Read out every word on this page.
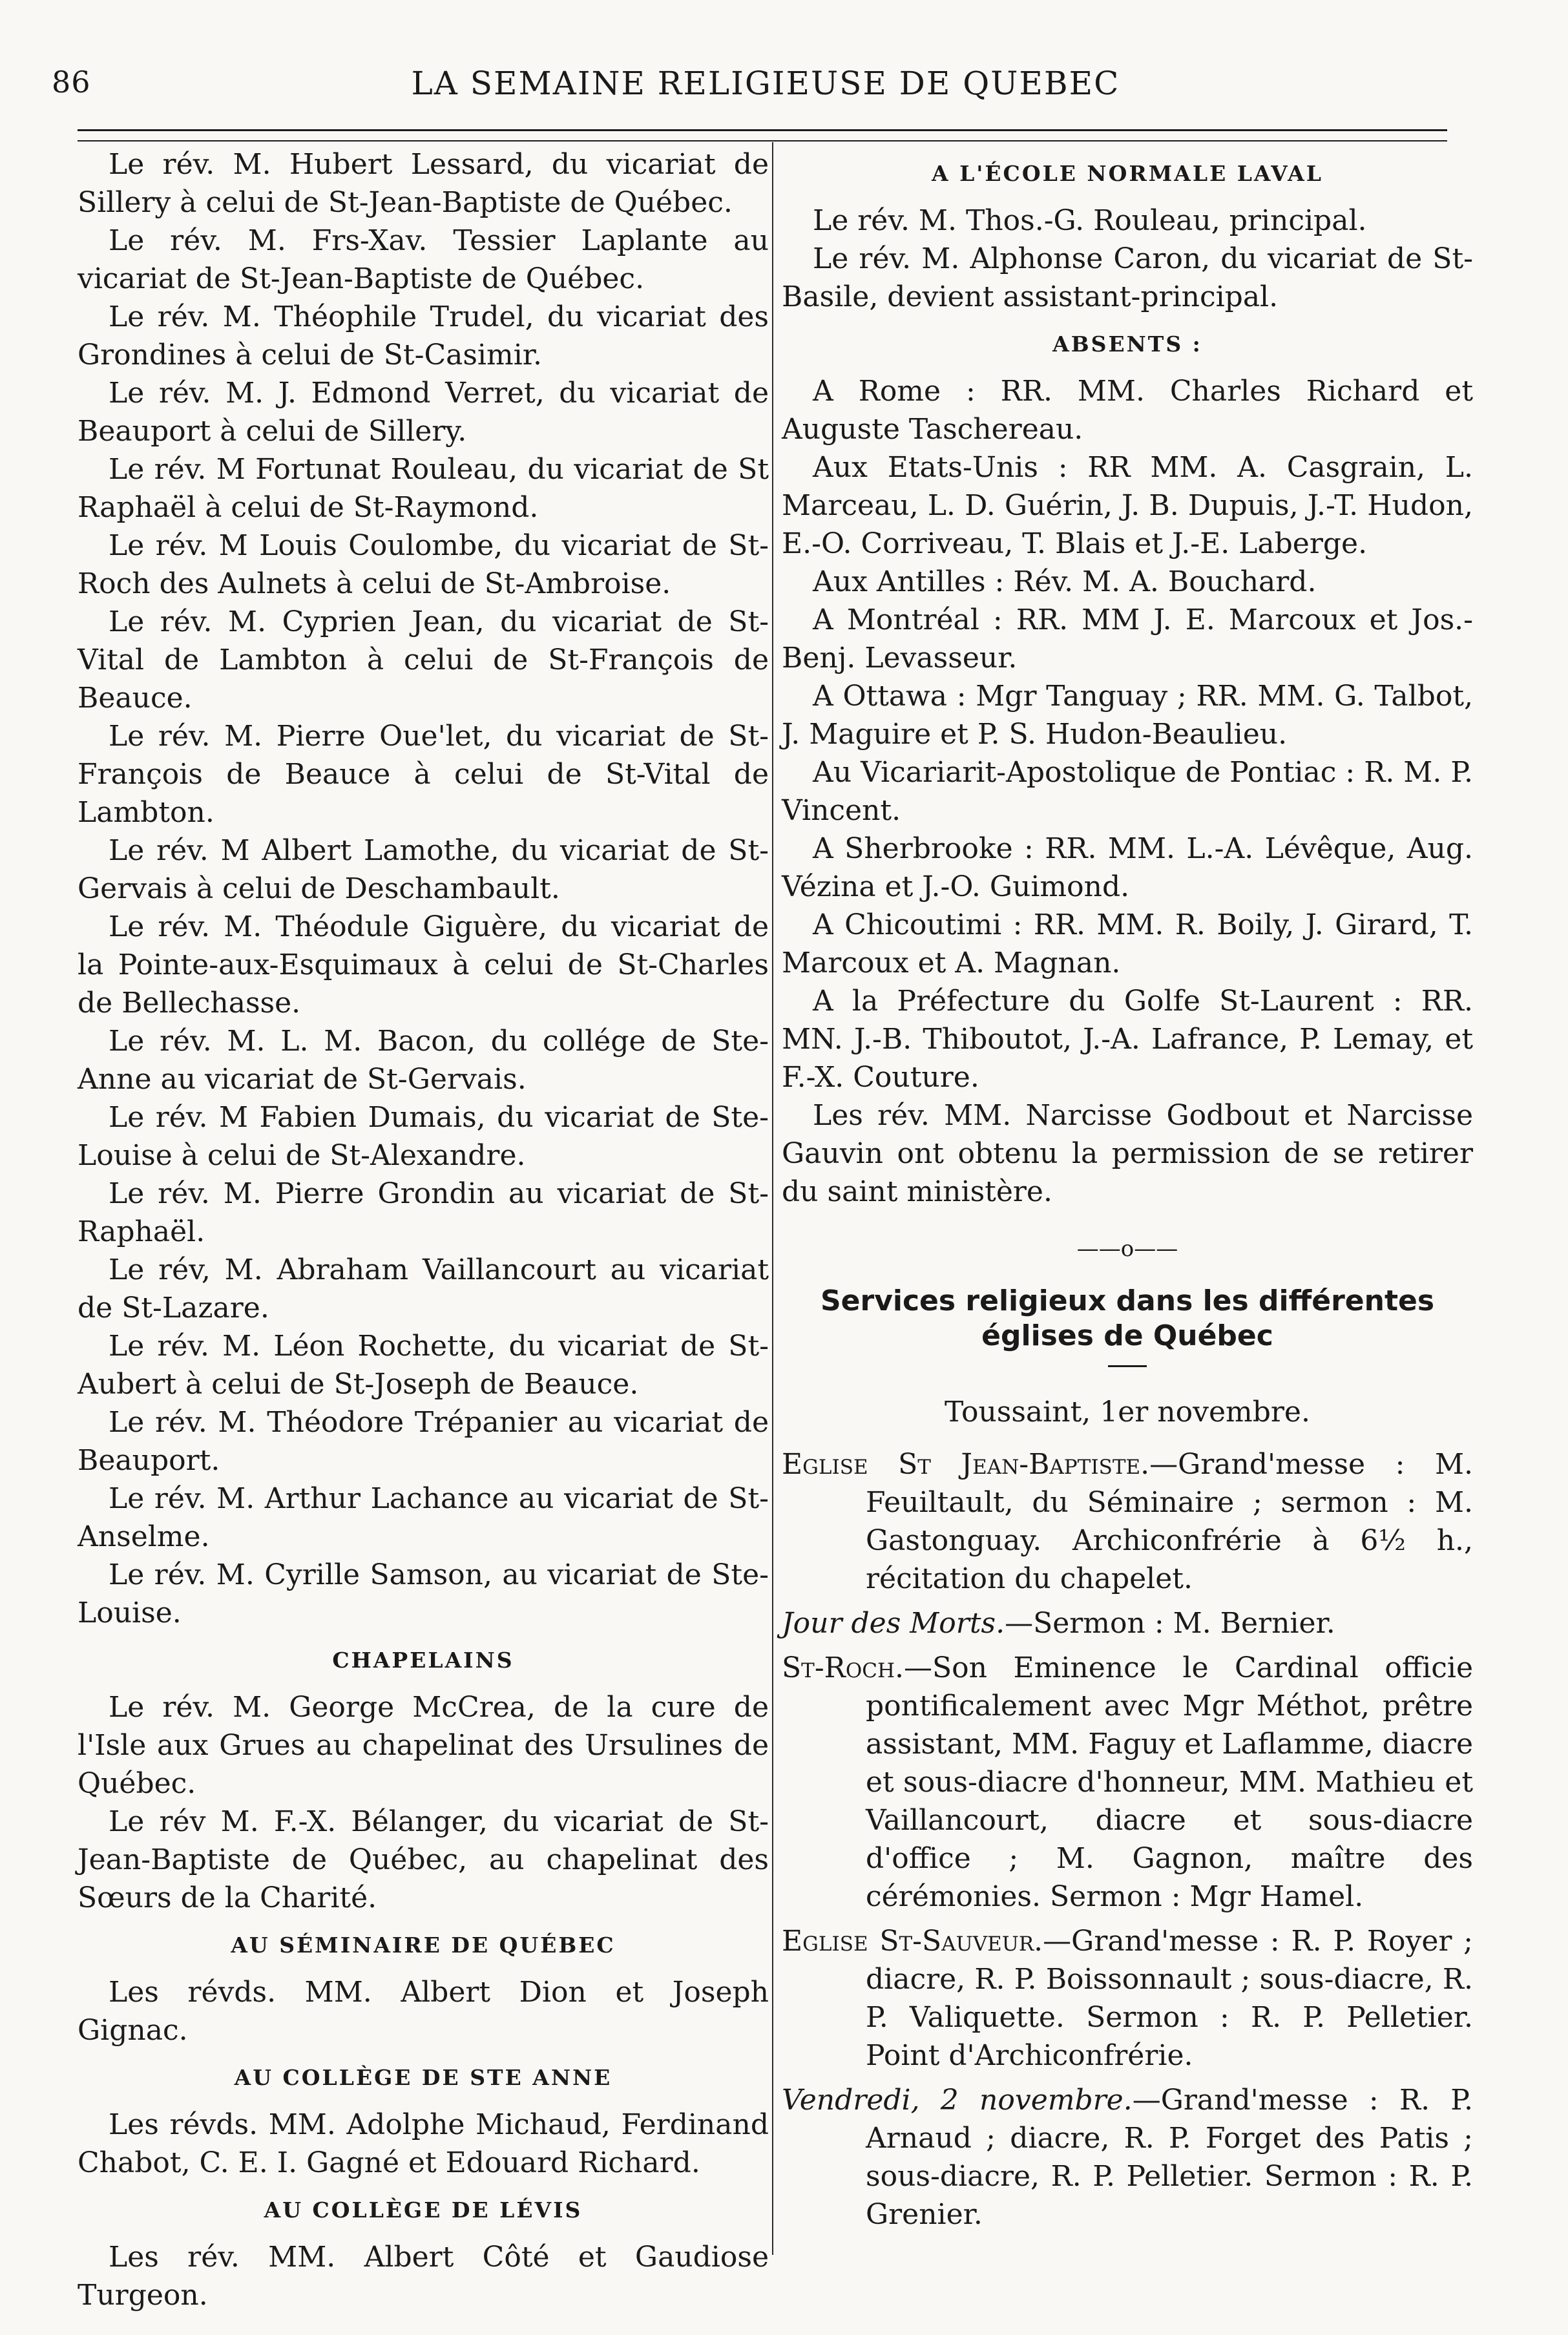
86	LA SEMAINE RELIGIEUSE DE QUEBEC

Le rév. M. Hubert Lessard, du vicariat de Sillery à celui de St-Jean-Baptiste de Québec.

Le rév. M. Frs-Xav. Tessier Laplante au vicariat de St-Jean-Baptiste de Québec.

Le rév. M. Théophile Trudel, du vicariat des Grondines à celui de St-Casimir.

Le rév. M. J. Edmond Verret, du vicariat de Beauport à celui de Sillery.

Le rév. M Fortunat Rouleau, du vicariat de St Raphaël à celui de St-Raymond.

Le rév. M Louis Coulombe, du vicariat de St-Roch des Aulnets à celui de St-Ambroise.

Le rév. M. Cyprien Jean, du vicariat de St-Vital de Lambton à celui de St-François de Beauce.

Le rév. M. Pierre Oue'let, du vicariat de St-François de Beauce à celui de St-Vital de Lambton.

Le rév. M Albert Lamothe, du vicariat de St-Gervais à celui de Deschambault.

Le rév. M. Théodule Giguère, du vicariat de la Pointe-aux-Esquimaux à celui de St-Charles de Bellechasse.

Le rév. M. L. M. Bacon, du collége de Ste-Anne au vicariat de St-Gervais.

Le rév. M Fabien Dumais, du vicariat de Ste-Louise à celui de St-Alexandre.

Le rév. M. Pierre Grondin au vicariat de St-Raphaël.

Le rév, M. Abraham Vaillancourt au vicariat de St-Lazare.

Le rév. M. Léon Rochette, du vicariat de St-Aubert à celui de St-Joseph de Beauce.

Le rév. M. Théodore Trépanier au vicariat de Beauport.

Le rév. M. Arthur Lachance au vicariat de St-Anselme.

Le rév. M. Cyrille Samson, au vicariat de Ste-Louise.

CHAPELAINS

Le rév. M. George McCrea, de la cure de l'Isle aux Grues au chapelinat des Ursulines de Québec.

Le rév M. F.-X. Bélanger, du vicariat de St-Jean-Baptiste de Québec, au chapelinat des Sœurs de la Charité.

AU SÉMINAIRE DE QUÉBEC

Les révds. MM. Albert Dion et Joseph Gignac.

AU COLLÈGE DE STE ANNE

Les révds. MM. Adolphe Michaud, Ferdinand Chabot, C. E. I. Gagné et Edouard Richard.

AU COLLÈGE DE LÉVIS

Les rév. MM. Albert Côté et Gaudiose Turgeon.

A L'ÉCOLE NORMALE LAVAL

Le rév. M. Thos.-G. Rouleau, principal.

Le rév. M. Alphonse Caron, du vicariat de St-Basile, devient assistant-principal.

ABSENTS :

A Rome : RR. MM. Charles Richard et Auguste Taschereau.

Aux Etats-Unis : RR MM. A. Casgrain, L. Marceau, L. D. Guérin, J. B. Dupuis, J.-T. Hudon, E.-O. Corriveau, T. Blais et J.-E. Laberge.

Aux Antilles : Rév. M. A. Bouchard.

A Montréal : RR. MM J. E. Marcoux et Jos.-Benj. Levasseur.

A Ottawa : Mgr Tanguay ; RR. MM. G. Talbot, J. Maguire et P. S. Hudon-Beaulieu.

Au Vicariarit-Apostolique de Pontiac : R. M. P. Vincent.

A Sherbrooke : RR. MM. L.-A. Lévêque, Aug. Vézina et J.-O. Guimond.

A Chicoutimi : RR. MM. R. Boily, J. Girard, T. Marcoux et A. Magnan.

A la Préfecture du Golfe St-Laurent : RR. MN. J.-B. Thiboutot, J.-A. Lafrance, P. Lemay, et F.-X. Couture.

Les rév. MM. Narcisse Godbout et Narcisse Gauvin ont obtenu la permission de se retirer du saint ministère.

——o——
Services religieux dans les différentes églises de Québec
Toussaint, 1er novembre.
Eglise St Jean-Baptiste.—Grand'messe : M. Feuiltault, du Séminaire ; sermon : M. Gastonguay. Archiconfrérie à 6½ h., récitation du chapelet.
Jour des Morts.—Sermon : M. Bernier.
St-Roch.—Son Eminence le Cardinal officie pontificalement avec Mgr Méthot, prêtre assistant, MM. Faguy et Laflamme, diacre et sous-diacre d'honneur, MM. Mathieu et Vaillancourt, diacre et sous-diacre d'office ; M. Gagnon, maître des cérémonies. Sermon : Mgr Hamel.
Eglise St-Sauveur.—Grand'messe : R. P. Royer ; diacre, R. P. Boissonnault ; sous-diacre, R. P. Valiquette. Sermon : R. P. Pelletier. Point d'Archiconfrérie.
Vendredi, 2 novembre.—Grand'messe : R. P. Arnaud ; diacre, R. P. Forget des Patis ; sous-diacre, R. P. Pelletier. Sermon : R. P. Grenier.
